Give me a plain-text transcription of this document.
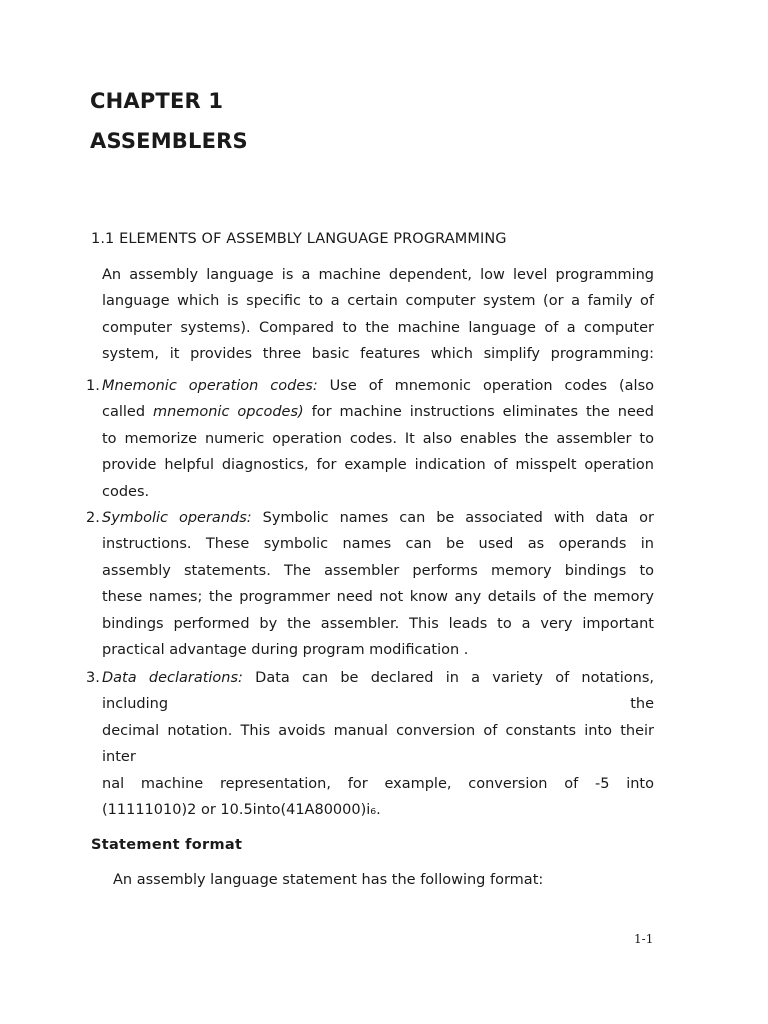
CHAPTER 1
ASSEMBLERS
1.1 ELEMENTS OF ASSEMBLY LANGUAGE PROGRAMMING

An assembly language is a machine dependent, low level programming
language which is specific to a certain computer system (or a family of
computer systems). Compared to the machine language of a computer
system, it provides three basic features which simplify programming:

1. Mnemonic operation codes: Use of mnemonic operation codes (also
called mnemonic opcodes) for machine instructions eliminates the need
to memorize numeric operation codes. It also enables the assembler to
provide helpful diagnostics, for example indication of misspelt operation
codes.
2. Symbolic operands: Symbolic names can be associated with data or
instructions. These symbolic names can be used as operands in
assembly statements. The assembler performs memory bindings to
these names; the programmer need not know any details of the memory
bindings performed by the assembler. This leads to a very important
practical advantage during program modification .
3. Data declarations: Data can be declared in a variety of notations,
including the
decimal notation. This avoids manual conversion of constants into their
inter
nal machine representation, for example, conversion of -5 into
(11111010)2 or 10.5into(41A80000)i₆.
Statement format

An assembly language statement has the following format:

1-1
